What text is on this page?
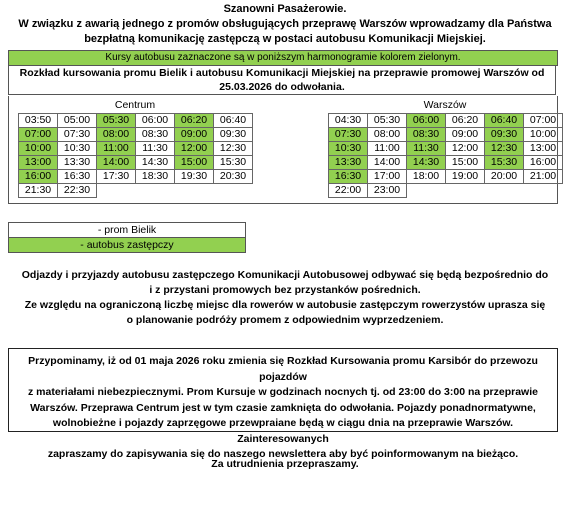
Szanowni Pasażerowie.
W związku z awarią jednego z promów obsługujących przeprawę Warszów wprowadzamy dla Państwa
bezpłatną komunikację zastępczą w postaci autobusu Komunikacji Miejskiej.
Kursy autobusu zaznaczone są w poniższym harmonogramie kolorem zielonym.
Rozkład kursowania promu Bielik i autobusu Komunikacji Miejskiej na przeprawie promowej Warszów od
25.03.2026 do odwołania.
Centrum	Warszów
03:50	05:00	05:30	06:00	06:20	06:40
07:00	07:30	08:00	08:30	09:00	09:30
10:00	10:30	11:00	11:30	12:00	12:30
13:00	13:30	14:00	14:30	15:00	15:30
16:00	16:30	17:30	18:30	19:30	20:30
21:30	22:30				
04:30	05:30	06:00	06:20	06:40	07:00
07:30	08:00	08:30	09:00	09:30	10:00
10:30	11:00	11:30	12:00	12:30	13:00
13:30	14:00	14:30	15:00	15:30	16:00
16:30	17:00	18:00	19:00	20:00	21:00
22:00	23:00				
- prom Bielik
- autobus zastępczy
Odjazdy i przyjazdy autobusu zastępczego Komunikacji Autobusowej odbywać się będą bezpośrednio do
i z przystani promowych bez przystanków pośrednich.
Ze względu na ograniczoną liczbę miejsc dla rowerów w autobusie zastępczym rowerzystów uprasza się
o planowanie podróży promem z odpowiednim wyprzedzeniem.
Przypominamy, iż od 01 maja 2026 roku zmienia się Rozkład Kursowania promu Karsibór do przewozu pojazdów
z materiałami niebezpiecznymi. Prom Kursuje w godzinach nocnych tj. od 23:00 do 3:00 na przeprawie
Warszów. Przeprawa Centrum jest w tym czasie zamknięta do odwołania. Pojazdy ponadnormatywne,
wolnobieżne i pojazdy zaprzęgowe przewpraiane będą w ciągu dnia na przeprawie Warszów. Zainteresowanych
zapraszamy do zapisywania się do naszego newslettera aby być poinformowanym na bieżąco.
Za utrudnienia przepraszamy.
